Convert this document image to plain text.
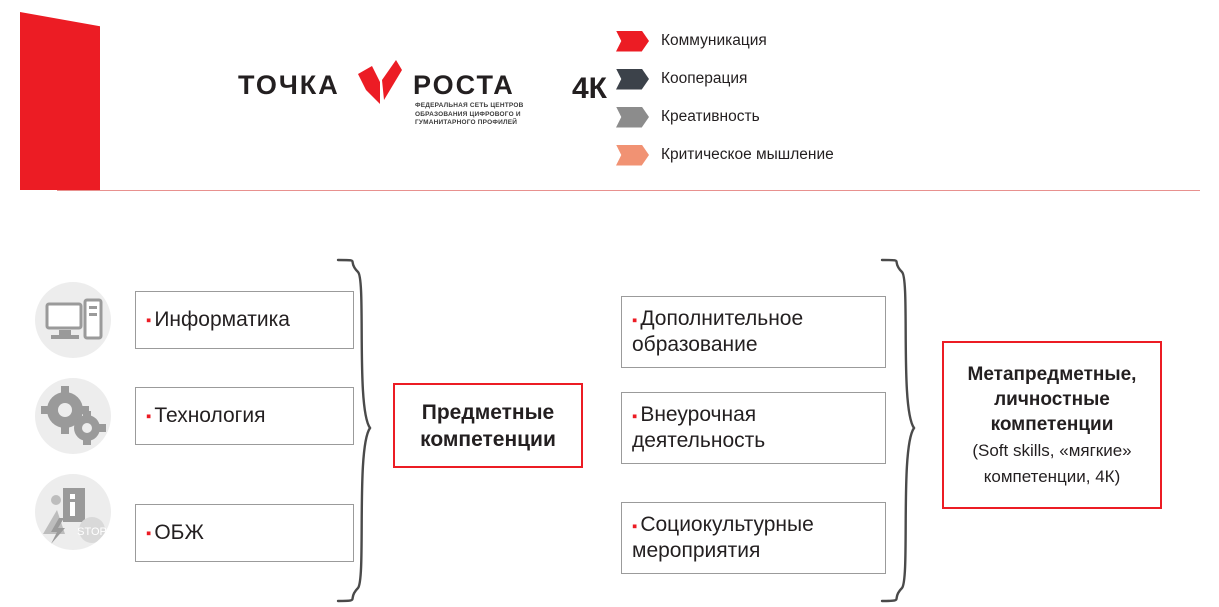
ТОЧКА	РОСТА
ФЕДЕРАЛЬНАЯ СЕТЬ ЦЕНТРОВ ОБРАЗОВАНИЯ ЦИФРОВОГО И ГУМАНИТАРНОГО ПРОФИЛЕЙ
4К
Коммуникация
Кооперация
Креативность
Критическое мышление
STOP
▪ Информатика
▪ Технология
▪ ОБЖ
Предметные
компетенции
▪ Дополнительное
образование
▪ Внеурочная
деятельность
▪ Социокультурные
мероприятия
Метапредметные,
личностные
компетенции
(Soft skills, «мягкие»
компетенции, 4К)
